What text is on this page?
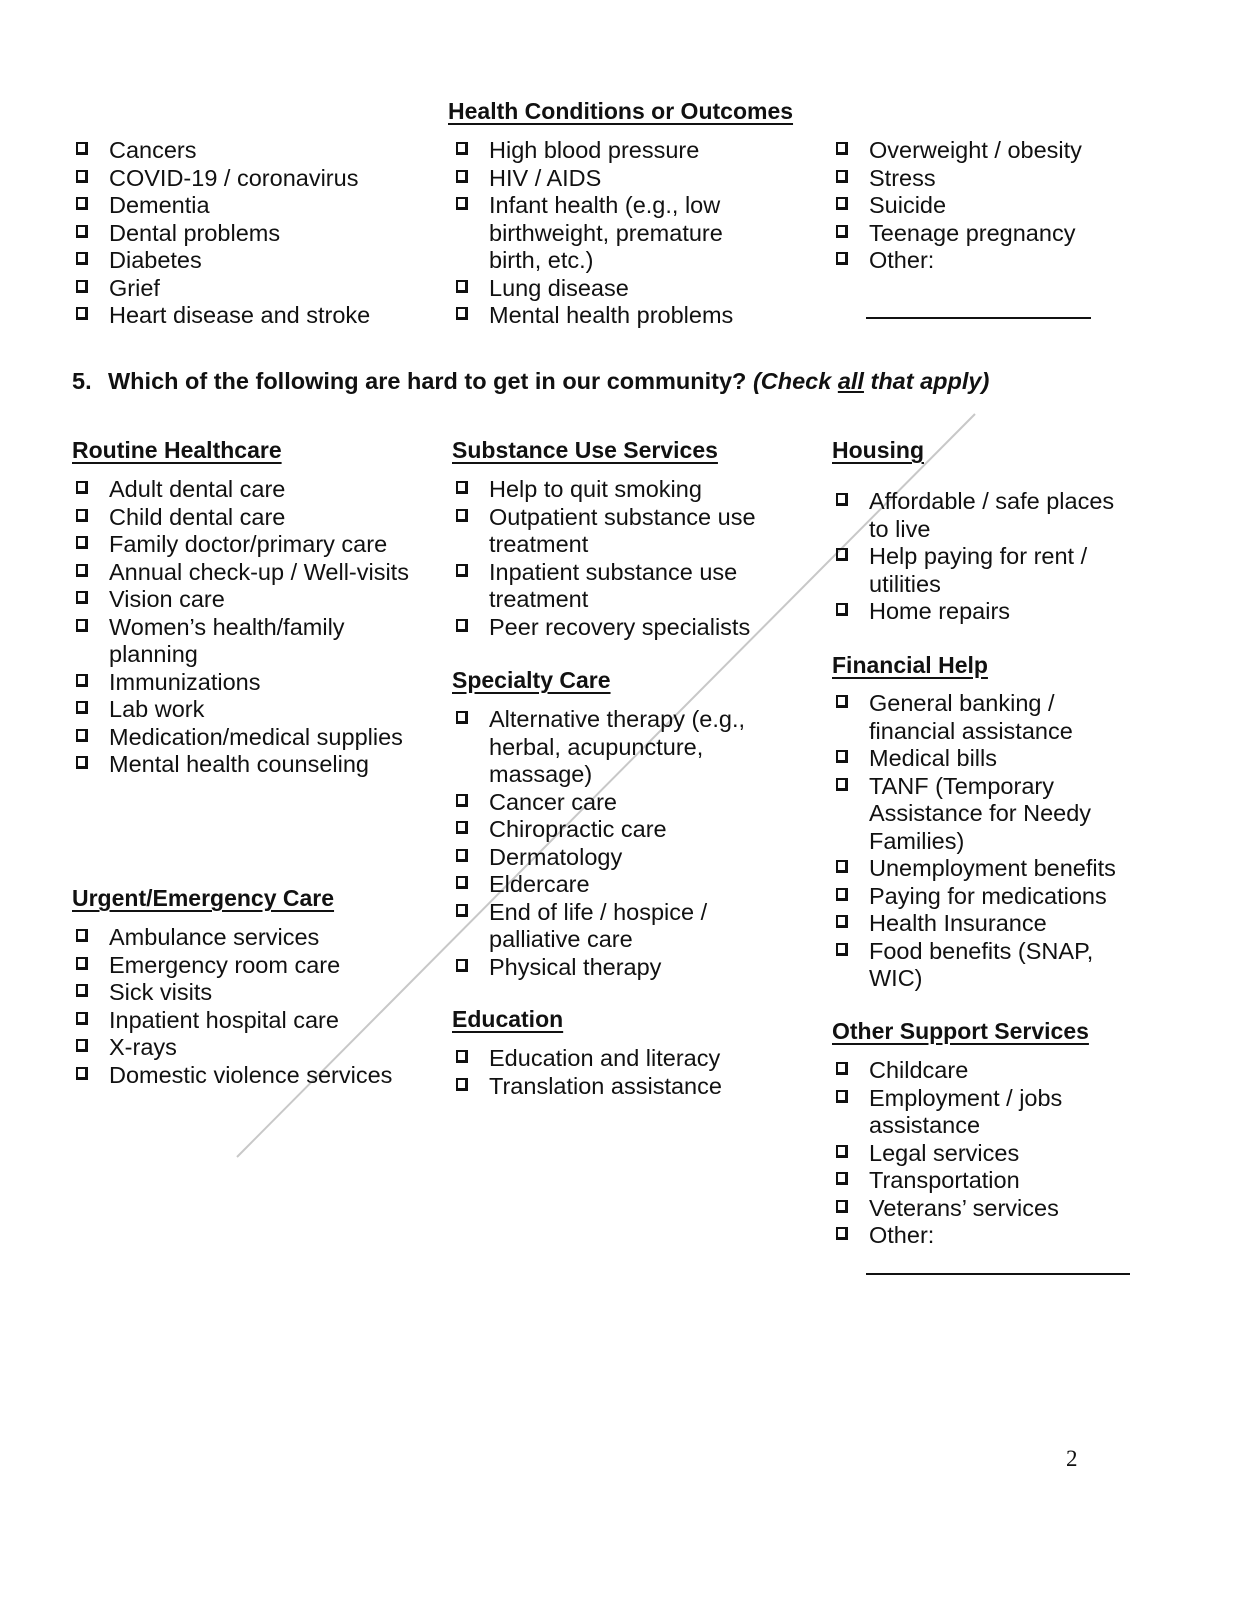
Health Conditions or Outcomes
Cancers
COVID-19 / coronavirus
Dementia
Dental problems
Diabetes
Grief
Heart disease and stroke
High blood pressure
HIV / AIDS
Infant health (e.g., low birthweight, premature birth, etc.)
Lung disease
Mental health problems
Overweight / obesity
Stress
Suicide
Teenage pregnancy
Other:
5. Which of the following are hard to get in our community? (Check all that apply)
Routine Healthcare
Adult dental care
Child dental care
Family doctor/primary care
Annual check-up / Well-visits
Vision care
Women’s health/family planning
Immunizations
Lab work
Medication/medical supplies
Mental health counseling
Urgent/Emergency Care
Ambulance services
Emergency room care
Sick visits
Inpatient hospital care
X-rays
Domestic violence services
Substance Use Services
Help to quit smoking
Outpatient substance use treatment
Inpatient substance use treatment
Peer recovery specialists
Specialty Care
Alternative therapy (e.g., herbal, acupuncture, massage)
Cancer care
Chiropractic care
Dermatology
Eldercare
End of life / hospice / palliative care
Physical therapy
Education
Education and literacy
Translation assistance
Housing
Affordable / safe places to live
Help paying for rent / utilities
Home repairs
Financial Help
General banking / financial assistance
Medical bills
TANF (Temporary Assistance for Needy Families)
Unemployment benefits
Paying for medications
Health Insurance
Food benefits (SNAP, WIC)
Other Support Services
Childcare
Employment / jobs assistance
Legal services
Transportation
Veterans’ services
Other:
2
